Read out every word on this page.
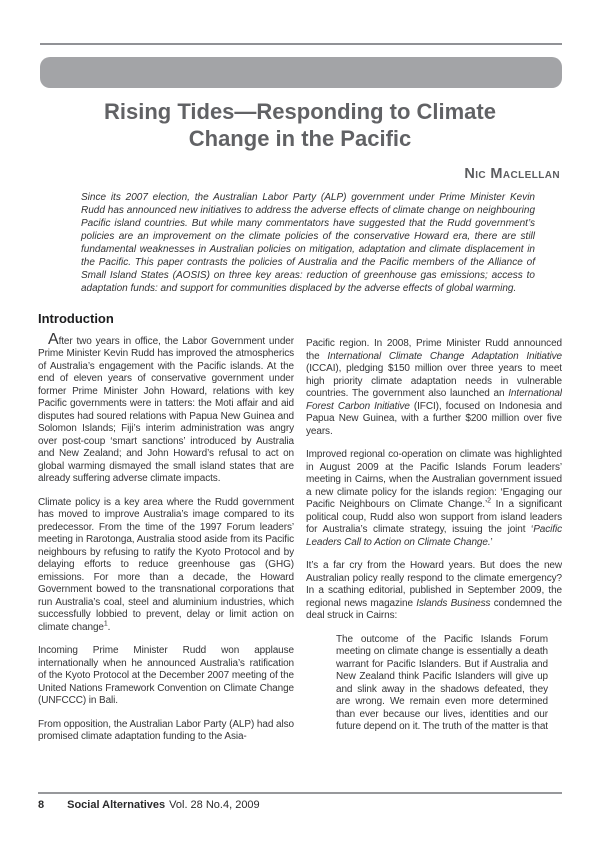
Rising Tides—Responding to Climate
Change in the Pacific
Nic Maclellan

Since its 2007 election, the Australian Labor Party (ALP) government under Prime Minister Kevin Rudd has announced new initiatives to address the adverse effects of climate change on neighbouring Pacific island countries. But while many commentators have suggested that the Rudd government’s policies are an improvement on the climate policies of the conservative Howard era, there are still fundamental weaknesses in Australian policies on mitigation, adaptation and climate displacement in the Pacific. This paper contrasts the policies of Australia and the Pacific members of the Alliance of Small Island States (AOSIS) on three key areas: reduction of greenhouse gas emissions; access to adaptation funds: and support for communities displaced by the adverse effects of global warming.

Introduction

After two years in office, the Labor Government under Prime Minister Kevin Rudd has improved the atmospherics of Australia’s engagement with the Pacific islands. At the end of eleven years of conservative government under former Prime Minister John Howard, relations with key Pacific governments were in tatters: the Moti affair and aid disputes had soured relations with Papua New Guinea and Solomon Islands; Fiji’s interim administration was angry over post-coup ‘smart sanctions’ introduced by Australia and New Zealand; and John Howard’s refusal to act on global warming dismayed the small island states that are already suffering adverse climate impacts.

Climate policy is a key area where the Rudd government has moved to improve Australia’s image compared to its predecessor. From the time of the 1997 Forum leaders’ meeting in Rarotonga, Australia stood aside from its Pacific neighbours by refusing to ratify the Kyoto Protocol and by delaying efforts to reduce greenhouse gas (GHG) emissions. For more than a decade, the Howard Government bowed to the transnational corporations that run Australia’s coal, steel and aluminium industries, which successfully lobbied to prevent, delay or limit action on climate change$^1$.

Incoming Prime Minister Rudd won applause internationally when he announced Australia’s ratification of the Kyoto Protocol at the December 2007 meeting of the United Nations Framework Convention on Climate Change (UNFCCC) in Bali.

From opposition, the Australian Labor Party (ALP) had also promised climate adaptation funding to the Asia-

Pacific region. In 2008, Prime Minister Rudd announced the International Climate Change Adaptation Initiative (ICCAI), pledging $150 million over three years to meet high priority climate adaptation needs in vulnerable countries. The government also launched an International Forest Carbon Initiative (IFCI), focused on Indonesia and Papua New Guinea, with a further $200 million over five years.

Improved regional co-operation on climate was highlighted in August 2009 at the Pacific Islands Forum leaders’ meeting in Cairns, when the Australian government issued a new climate policy for the islands region: ‘Engaging our Pacific Neighbours on Climate Change.’$^2$ In a significant political coup, Rudd also won support from island leaders for Australia’s climate strategy, issuing the joint ‘Pacific Leaders Call to Action on Climate Change.’

It’s a far cry from the Howard years. But does the new Australian policy really respond to the climate emergency? In a scathing editorial, published in September 2009, the regional news magazine Islands Business condemned the deal struck in Cairns:

The outcome of the Pacific Islands Forum meeting on climate change is essentially a death warrant for Pacific Islanders. But if Australia and New Zealand think Pacific Islanders will give up and slink away in the shadows defeated, they are wrong. We remain even more determined than ever because our lives, identities and our future depend on it. The truth of the matter is that

8 Social Alternatives Vol. 28 No.4, 2009
